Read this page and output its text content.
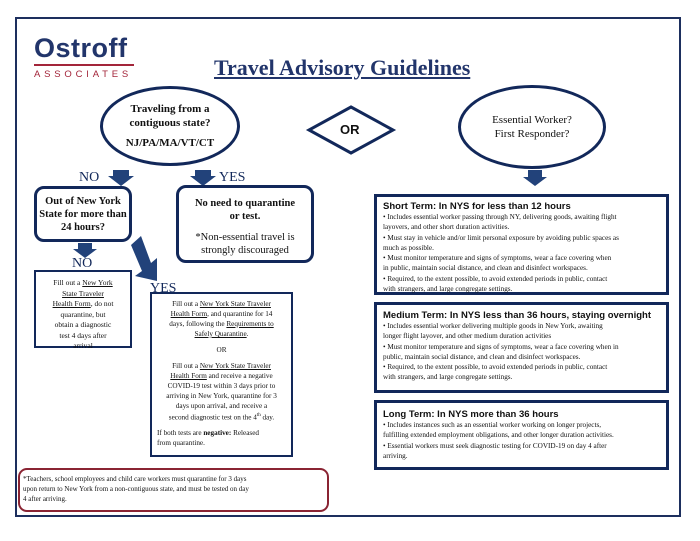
Ostroff
ASSOCIATES	Travel Advisory Guidelines
OR
Traveling from a
contiguous state?
NJ/PA/MA/VT/CT
Essential Worker?
First Responder?
NO	YES
NO
YES

Out of New York

State for more than

24 hours?

No need to quarantine

or test.

*Non-essential travel is

strongly discouraged

Fill out a New York

State Traveler

Health Form, do not

quarantine, but

obtain a diagnostic

test 4 days after

arrival

Fill out a New York State Traveler

Health Form, and quarantine for 14

days, following the Requirements to

Safely Quarantine.

OR

Fill out a New York State Traveler

Health Form and receive a negative

COVID-19 test within 3 days prior to

arriving in New York, quarantine for 3

days upon arrival, and receive a

second diagnostic test on the 4th day.

If both tests are negative: Released

from quarantine.

*Teachers, school employees and child care workers must quarantine for 3 days

upon return to New York from a non-contiguous state, and must be tested on day

4 after arriving.

Short Term: In NYS for less than 12 hours

• Includes essential worker passing through NY, delivering goods, awaiting flight

layovers, and other short duration activities.

• Must stay in vehicle and/or limit personal exposure by avoiding public spaces as

much as possible.

• Must monitor temperature and signs of symptoms, wear a face covering when

in public, maintain social distance, and clean and disinfect workspaces.

• Required, to the extent possible, to avoid extended periods in public, contact

with strangers, and large congregate settings.

Medium Term: In NYS less than 36 hours, staying overnight

• Includes essential worker delivering multiple goods in New York, awaiting

longer flight layover, and other medium duration activities

• Must monitor temperature and signs of symptoms, wear a face covering when in

public, maintain social distance, and clean and disinfect workspaces.

• Required, to the extent possible, to avoid extended periods in public, contact

with strangers, and large congregate settings.

Long Term: In NYS more than 36 hours

• Includes instances such as an essential worker working on longer projects,

fulfilling extended employment obligations, and other longer duration activities.

• Essential workers must seek diagnostic testing for COVID-19 on day 4 after

arriving.
